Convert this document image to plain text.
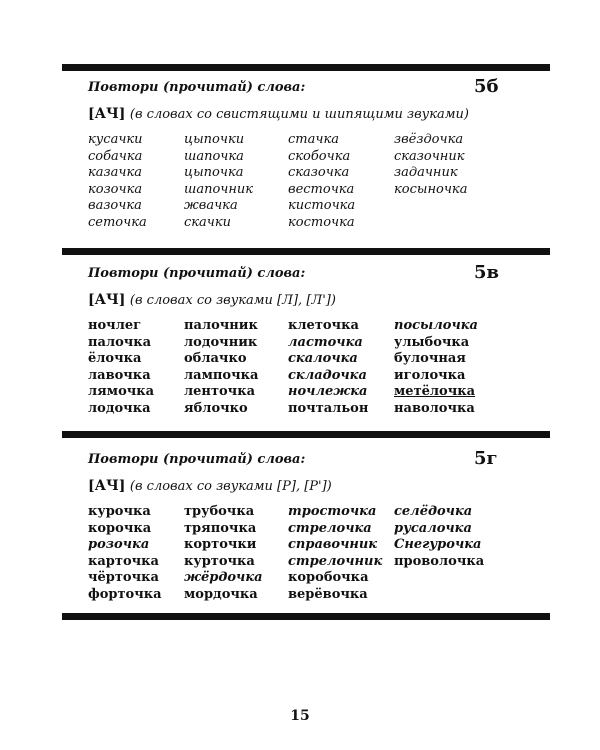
Повтори (прочитай) слова:	5б
[АЧ] (в словах со свистящими и шипящими звуками)
кусачки	цыпочки	стачка	звёздочка
собачка	шапочка	скобочка	сказочник
казачка	цыпочка	сказочка	задачник
козочка	шапочник	весточка	косыночка
вазочка	жвачка	кисточка
сеточка	скачки	косточка
Повтори (прочитай) слова:	5в
[АЧ] (в словах со звуками [Л], [Л'])
ночлег	палочник клеточка	посылочка
палочка	лодочник ласточка улыбочка
ёлочка	облачко	скалочка	булочная
лавочка	лампочка складочка иголочка
лямочка ленточка	ночлежка метёлочка
лодочка	яблочко	почтальон наволочка
Повтори (прочитай) слова:	5г
[АЧ] (в словах со звуками [Р], [Р'])
курочка	трубочка	тросточка селёдочка
корочка	тряпочка стрелочка русалочка
розочка	корточки справочник Снегурочка
карточка курточка	стрелочник проволочка
чёрточка жёрдочка коробочка
форточка мордочка верёвочка
15
